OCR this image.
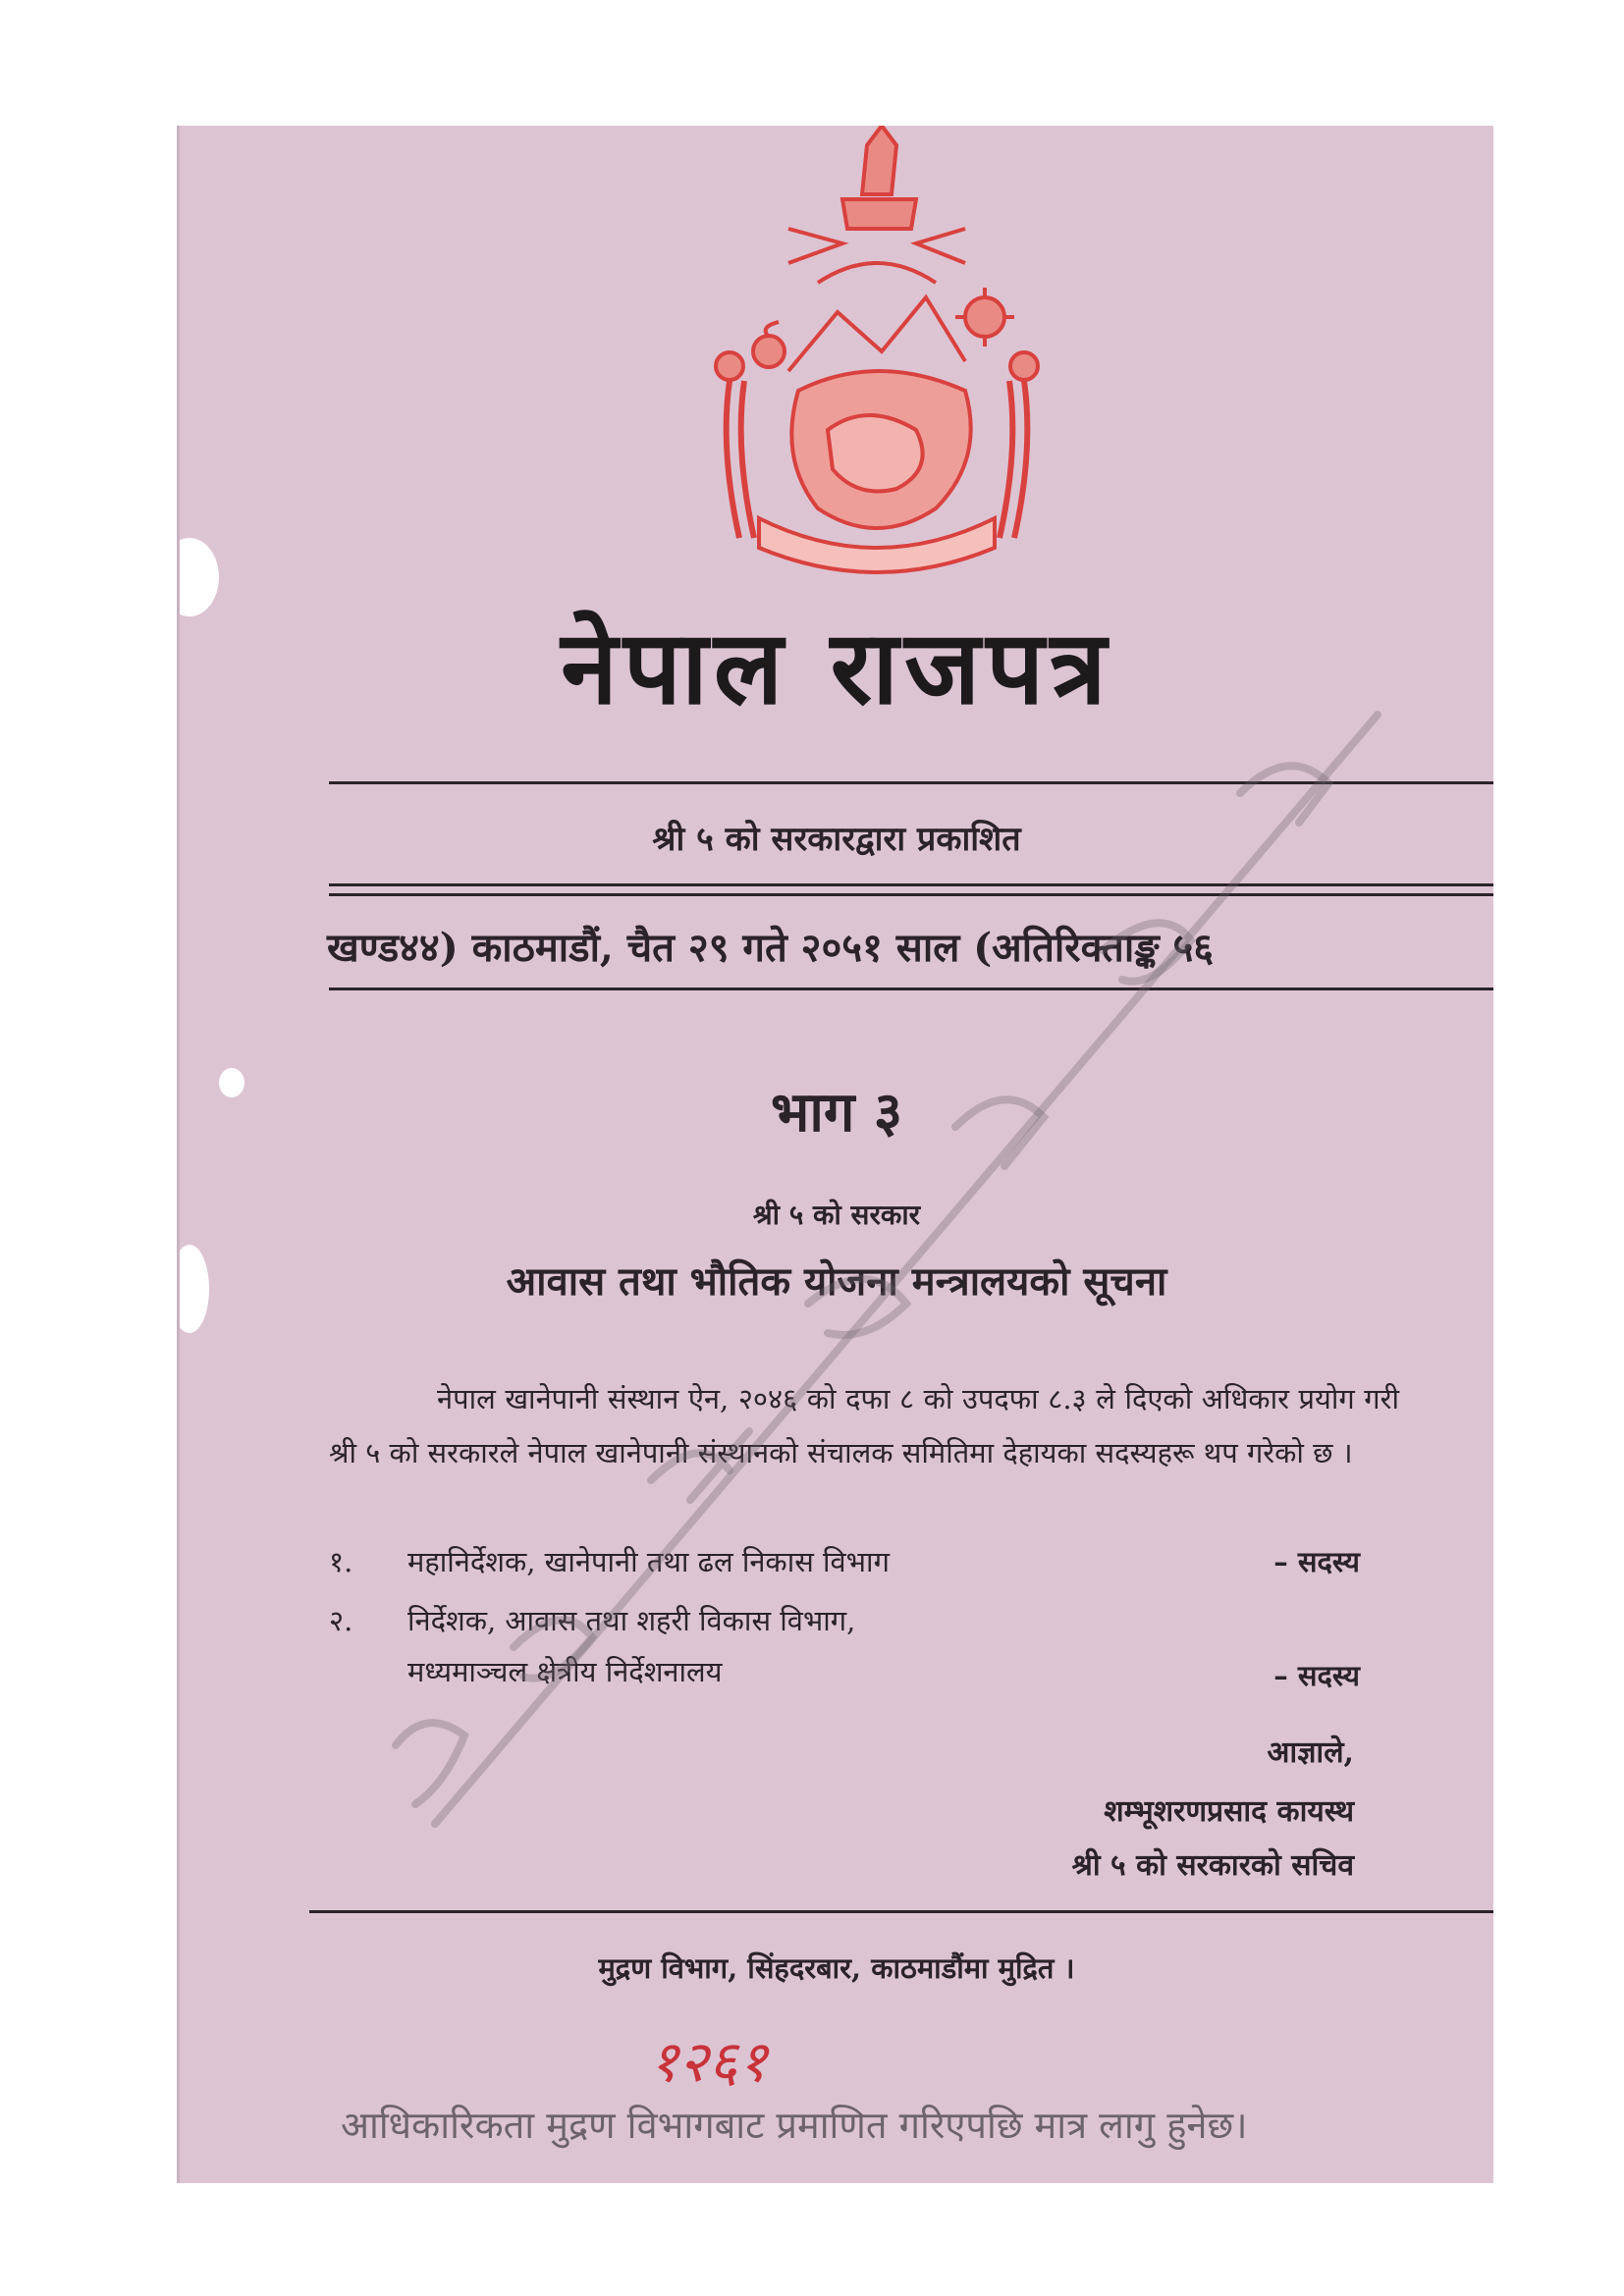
नेपाल राजपत्र
श्री ५ को सरकारद्वारा प्रकाशित
खण्ड४४) काठमाडौं, चैत २९ गते २०५१ साल (अतिरिक्ताङ्क ५६
भाग ३
श्री ५ को सरकार
आवास तथा भौतिक योजना मन्त्रालयको सूचना
नेपाल खानेपानी संस्थान ऐन, २०४६ को दफा ८ को उपदफा ८.३ ले दिएको अधिकार प्रयोग गरी श्री ५ को सरकारले नेपाल खानेपानी संस्थानको संचालक समितिमा देहायका सदस्यहरू थप गरेको छ ।
१. महानिर्देशक, खानेपानी तथा ढल निकास विभाग	– सदस्य
२. निर्देशक, आवास तथा शहरी विकास विभाग,
मध्यमाञ्चल क्षेत्रीय निर्देशनालय	– सदस्य
आज्ञाले,
शम्भूशरणप्रसाद कायस्थ
श्री ५ को सरकारको सचिव
मुद्रण विभाग, सिंहदरबार, काठमाडौंमा मुद्रित ।
१२६१
आधिकारिकता मुद्रण विभागबाट प्रमाणित गरिएपछि मात्र लागु हुनेछ।
